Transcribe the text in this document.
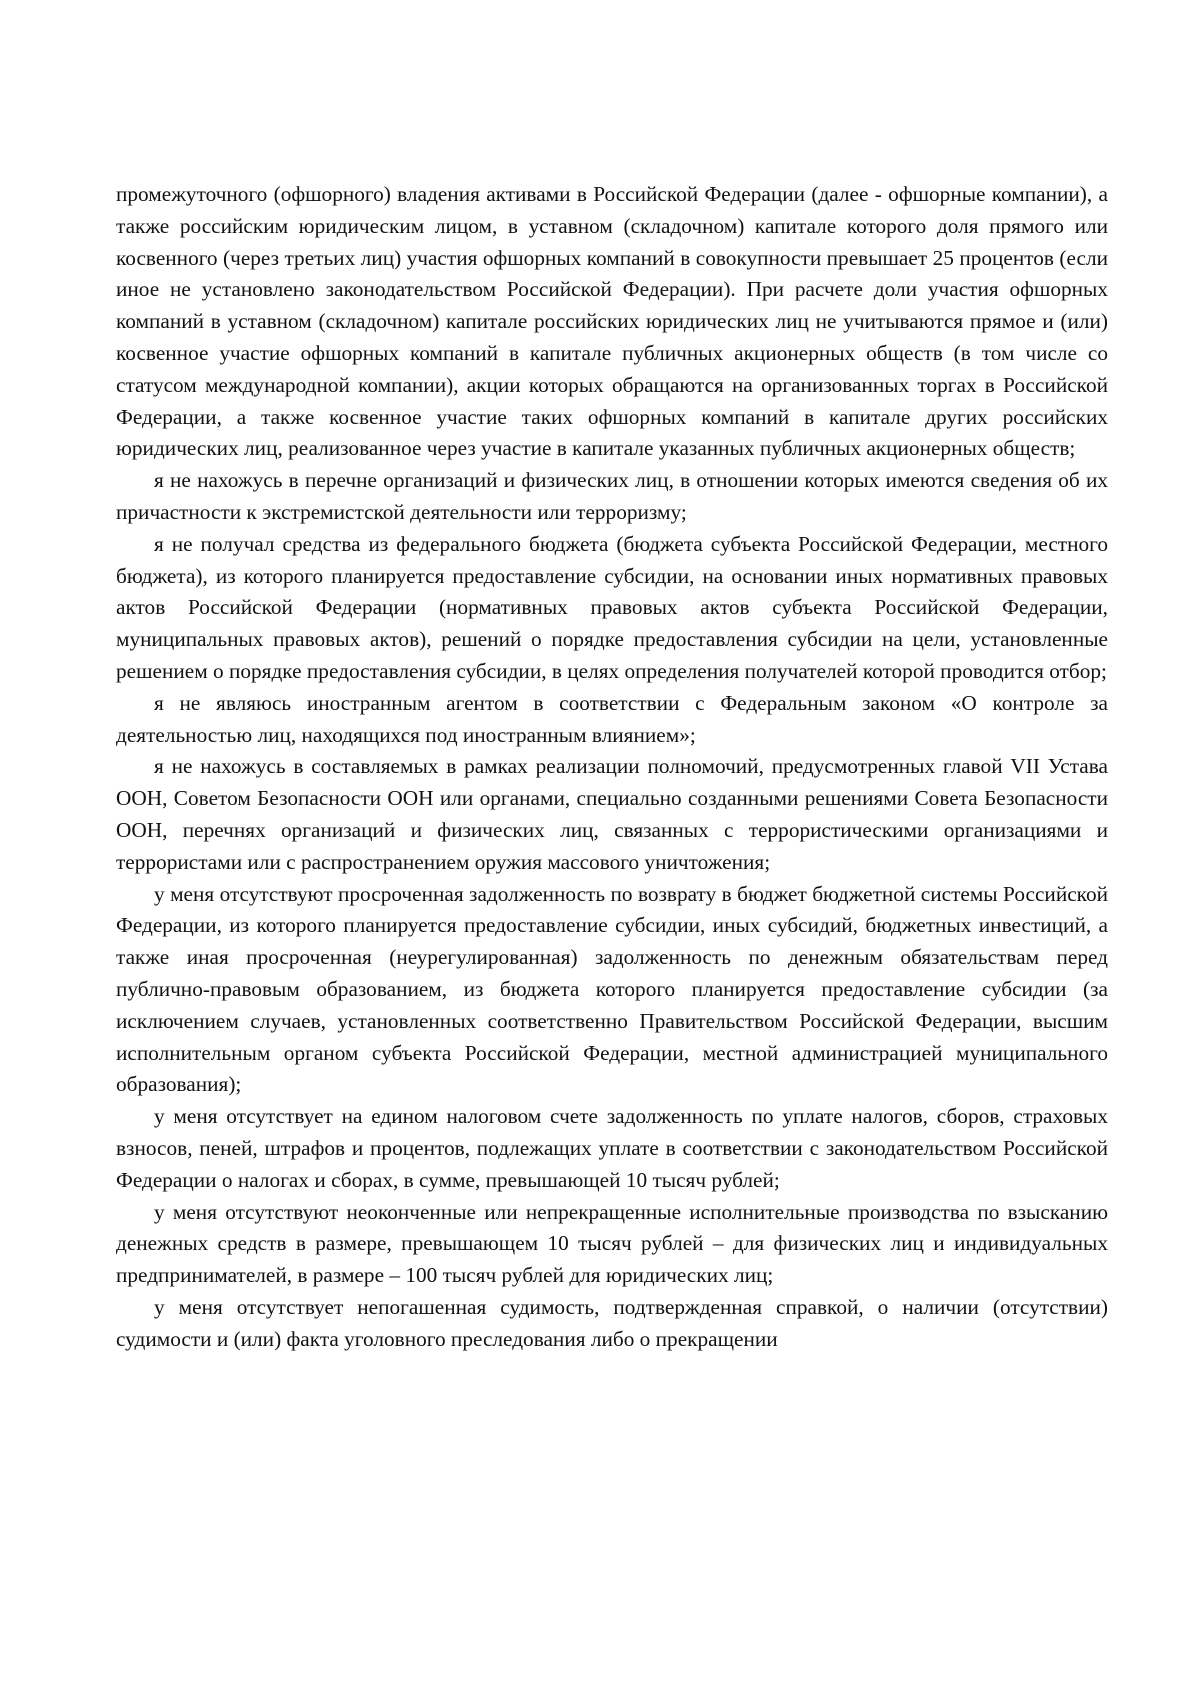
промежуточного (офшорного) владения активами в Российской Федерации (далее - офшорные компании), а также российским юридическим лицом, в уставном (складочном) капитале которого доля прямого или косвенного (через третьих лиц) участия офшорных компаний в совокупности превышает 25 процентов (если иное не установлено законодательством Российской Федерации). При расчете доли участия офшорных компаний в уставном (складочном) капитале российских юридических лиц не учитываются прямое и (или) косвенное участие офшорных компаний в капитале публичных акционерных обществ (в том числе со статусом международной компании), акции которых обращаются на организованных торгах в Российской Федерации, а также косвенное участие таких офшорных компаний в капитале других российских юридических лиц, реализованное через участие в капитале указанных публичных акционерных обществ;

я не нахожусь в перечне организаций и физических лиц, в отношении которых имеются сведения об их причастности к экстремистской деятельности или терроризму;

я не получал средства из федерального бюджета (бюджета субъекта Российской Федерации, местного бюджета), из которого планируется предоставление субсидии, на основании иных нормативных правовых актов Российской Федерации (нормативных правовых актов субъекта Российской Федерации, муниципальных правовых актов), решений о порядке предоставления субсидии на цели, установленные решением о порядке предоставления субсидии, в целях определения получателей которой проводится отбор;

я не являюсь иностранным агентом в соответствии с Федеральным законом «О контроле за деятельностью лиц, находящихся под иностранным влиянием»;

я не нахожусь в составляемых в рамках реализации полномочий, предусмотренных главой VII Устава ООН, Советом Безопасности ООН или органами, специально созданными решениями Совета Безопасности ООН, перечнях организаций и физических лиц, связанных с террористическими организациями и террористами или с распространением оружия массового уничтожения;

у меня отсутствуют просроченная задолженность по возврату в бюджет бюджетной системы Российской Федерации, из которого планируется предоставление субсидии, иных субсидий, бюджетных инвестиций, а также иная просроченная (неурегулированная) задолженность по денежным обязательствам перед публично-правовым образованием, из бюджета которого планируется предоставление субсидии (за исключением случаев, установленных соответственно Правительством Российской Федерации, высшим исполнительным органом субъекта Российской Федерации, местной администрацией муниципального образования);

у меня отсутствует на едином налоговом счете задолженность по уплате налогов, сборов, страховых взносов, пеней, штрафов и процентов, подлежащих уплате в соответствии с законодательством Российской Федерации о налогах и сборах, в сумме, превышающей 10 тысяч рублей;

у меня отсутствуют неоконченные или непрекращенные исполнительные производства по взысканию денежных средств в размере, превышающем 10 тысяч рублей – для физических лиц и индивидуальных предпринимателей, в размере – 100 тысяч рублей для юридических лиц;

у меня отсутствует непогашенная судимость, подтвержденная справкой, о наличии (отсутствии) судимости и (или) факта уголовного преследования либо о прекращении
